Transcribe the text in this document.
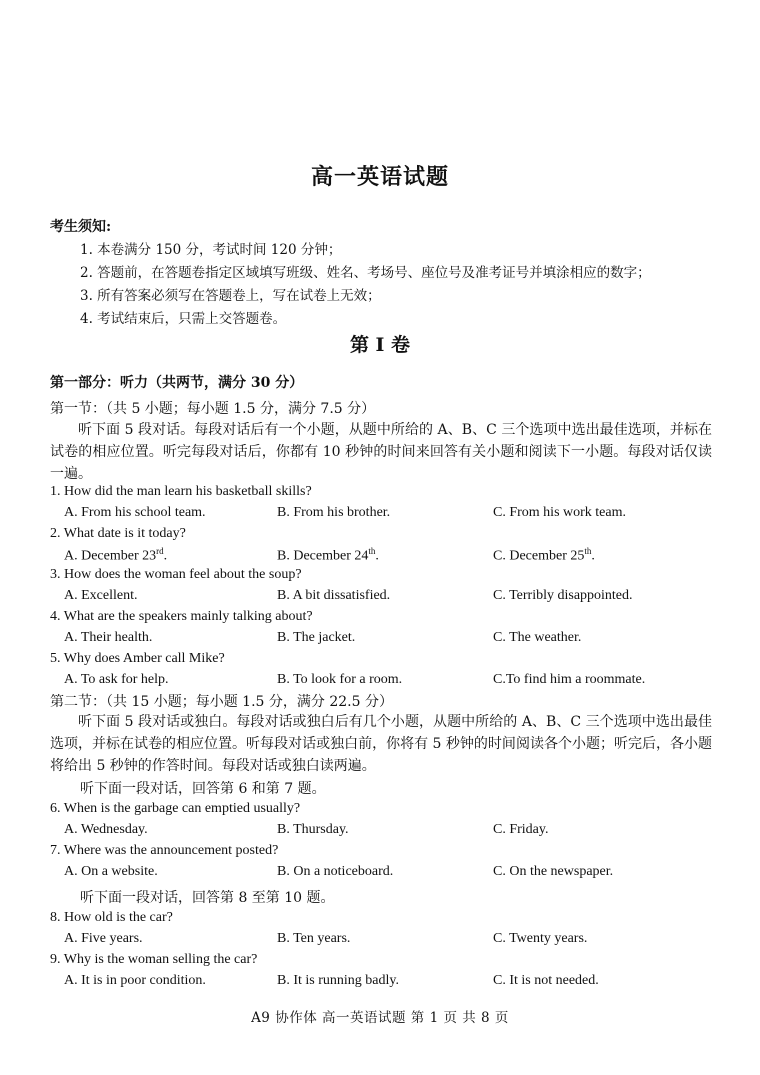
高一英语试题
考生须知:
1. 本卷满分 150 分，考试时间 120 分钟；
2. 答题前，在答题卷指定区域填写班级、姓名、考场号、座位号及准考证号并填涂相应的数字；
3. 所有答案必须写在答题卷上，写在试卷上无效；
4. 考试结束后，只需上交答题卷。
第 I 卷
第一部分：听力（共两节，满分 30 分）
第一节：（共 5 小题；每小题 1.5 分，满分 7.5 分）
听下面 5 段对话。每段对话后有一个小题，从题中所给的 A、B、C 三个选项中选出最佳选项，并标在试卷的相应位置。听完每段对话后，你都有 10 秒钟的时间来回答有关小题和阅读下一小题。每段对话仅读一遍。
1. How did the man learn his basketball skills?
A. From his school team.	B. From his brother.	C. From his work team.
2. What date is it today?
A. December 23rd.	B. December 24th.	C. December 25th.
3. How does the woman feel about the soup?
A. Excellent.	B. A bit dissatisfied.	C. Terribly disappointed.
4. What are the speakers mainly talking about?
A. Their health.	B. The jacket.	C. The weather.
5. Why does Amber call Mike?
A. To ask for help.	B. To look for a room.	C.To find him a roommate.
第二节：（共 15 小题；每小题 1.5 分，满分 22.5 分）
听下面 5 段对话或独白。每段对话或独白后有几个小题，从题中所给的 A、B、C 三个选项中选出最佳选项，并标在试卷的相应位置。听每段对话或独白前，你将有 5 秒钟的时间阅读各个小题；听完后，各小题将给出 5 秒钟的作答时间。每段对话或独白读两遍。
听下面一段对话，回答第 6 和第 7 题。
6. When is the garbage can emptied usually?
A. Wednesday.	B. Thursday.	C. Friday.
7. Where was the announcement posted?
A. On a website.	B. On a noticeboard.	C. On the newspaper.
听下面一段对话，回答第 8 至第 10 题。
8. How old is the car?
A. Five years.	B. Ten years.	C. Twenty years.
9. Why is the woman selling the car?
A. It is in poor condition.	B. It is running badly.	C. It is not needed.
A9 协作体 高一英语试题 第 1 页 共 8 页
